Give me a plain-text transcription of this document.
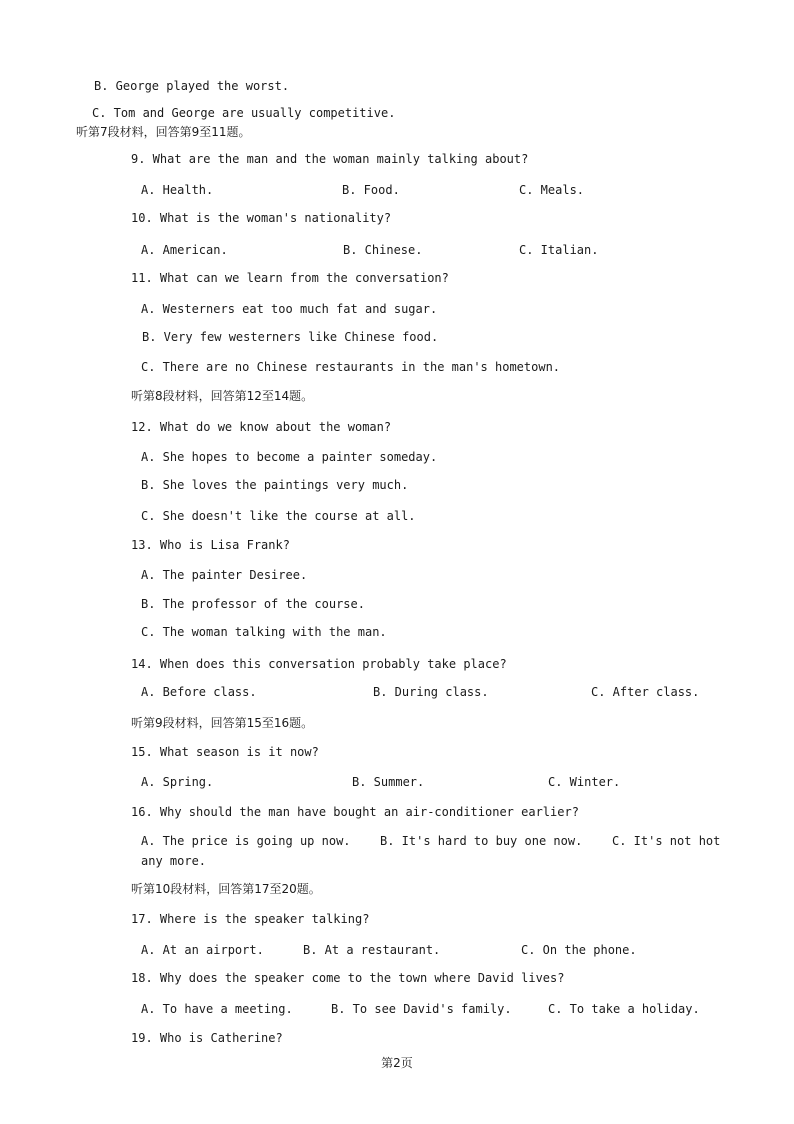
B. George played the worst.
C. Tom and George are usually competitive.
听第7段材料，回答第9至11题。
9. What are the man and the woman mainly talking about?
A. Health.	B. Food.	C. Meals.
10. What is the woman's nationality?
A. American.	B. Chinese.	C. Italian.
11. What can we learn from the conversation?
A. Westerners eat too much fat and sugar.
B. Very few westerners like Chinese food.
C. There are no Chinese restaurants in the man's hometown.
听第8段材料，回答第12至14题。
12. What do we know about the woman?
A. She hopes to become a painter someday.
B. She loves the paintings very much.
C. She doesn't like the course at all.
13. Who is Lisa Frank?
A. The painter Desiree.
B. The professor of the course.
C. The woman talking with the man.
14. When does this conversation probably take place?
A. Before class.	B. During class.	C. After class.
听第9段材料，回答第15至16题。
15. What season is it now?
A. Spring.	B. Summer.	C. Winter.
16. Why should the man have bought an air-conditioner earlier?
A. The price is going up now. B. It's hard to buy one now. C. It's not hot
any more.
听第10段材料，回答第17至20题。
17. Where is the speaker talking?
A. At an airport.	B. At a restaurant.	C. On the phone.
18. Why does the speaker come to the town where David lives?
A. To have a meeting.	B. To see David's family.	C. To take a holiday.
19. Who is Catherine?
第2页
